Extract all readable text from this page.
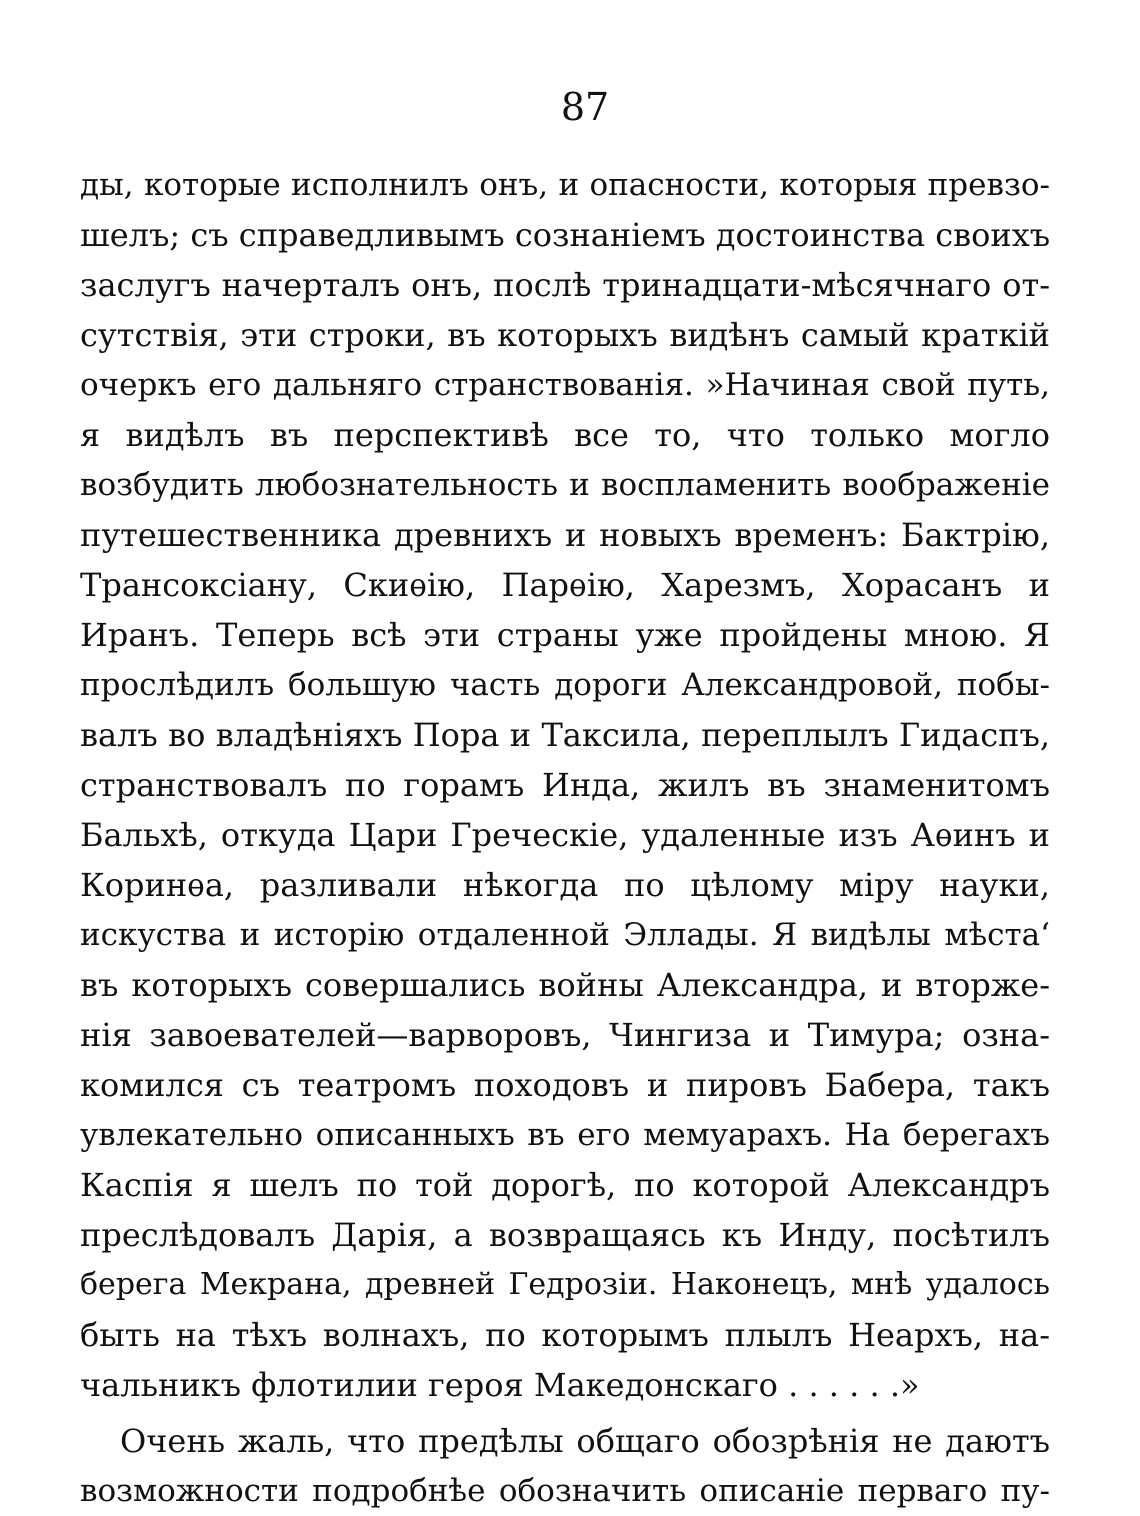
87
ды, которые исполнилъ онъ, и опасности, которыя превзо-
шелъ; съ справедливымъ сознаніемъ достоинства своихъ
заслугъ начерталъ онъ, послѣ тринадцати-мѣсячнаго от-
сутствія, эти строки, въ которыхъ видѣнъ самый краткій
очеркъ его дальняго странствованія. »Начиная свой путь,
я видѣлъ въ перспективѣ все то, что только могло
возбудить любознательность и воспламенить воображеніе
путешественника древнихъ и новыхъ временъ: Бактрію,
Трансоксіану, Скиѳію, Парѳію, Харезмъ, Хорасанъ и
Иранъ. Теперь всѣ эти страны уже пройдены мною. Я
прослѣдилъ большую часть дороги Александровой, побы-
валъ во владѣніяхъ Пора и Таксила, переплылъ Гидаспъ,
странствовалъ по горамъ Инда, жилъ въ знаменитомъ
Бальхѣ, откуда Цари Греческіе, удаленные изъ Аѳинъ и
Коринѳа, разливали нѣкогда по цѣлому міру науки,
искуства и исторію отдаленной Эллады. Я видѣлы мѣста‘
въ которыхъ совершались войны Александра, и вторже-
нія завоевателей—варворовъ, Чингиза и Тимура; озна-
комился съ театромъ походовъ и пировъ Бабера, такъ
увлекательно описанныхъ въ его мемуарахъ. На берегахъ
Каспія я шелъ по той дорогѣ, по которой Александръ
преслѣдовалъ Дарія, а возвращаясь къ Инду, посѣтилъ
берега Мекрана, древней Гедрозіи. Наконецъ, мнѣ удалось
быть на тѣхъ волнахъ, по которымъ плылъ Неархъ, на-
чальникъ флотилии героя Македонскаго . . . . . .»
Очень жаль, что предѣлы общаго обозрѣнія не даютъ
возможности подробнѣе обозначить описаніе перваго пу-
